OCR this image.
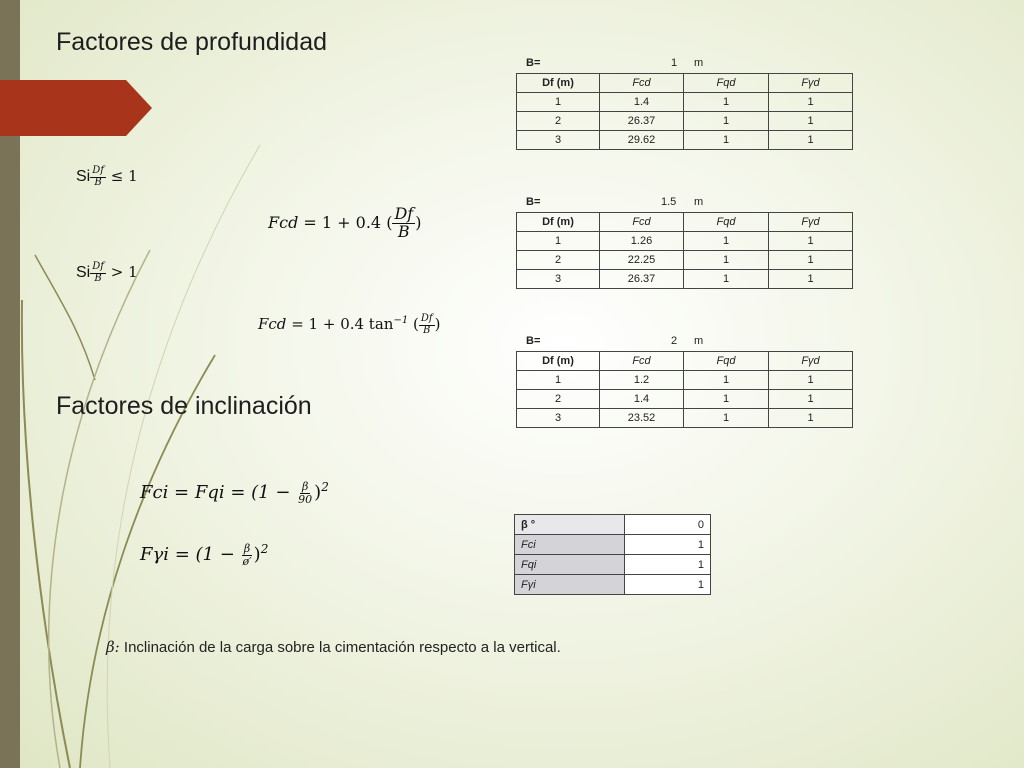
Factores de profundidad
Factores de inclinación
Si $\frac{Df}{B} \le 1$
Fcd = 1 + 0.4 ( $\frac{Df}{B}$ )
Si $\frac{Df}{B} > 1$
Fcd = 1 + 0.4 $\tan^{-1}$ ( $\frac{Df}{B}$ )
Fci = Fqi = $(1 - \frac{\beta}{90} )^2$
$F\gamma i = (1 - \frac{\beta}{ø'} )^2$
B=	1 m
Df (m)	Fcd	Fqd	Fγd
1	1.4	1	1
2	26.37	1	1
3	29.62	1	1
B=	1.5 m
Df (m)	Fcd	Fqd	Fγd
1	1.26	1	1
2	22.25	1	1
3	26.37	1	1
B=	2 m
Df (m)	Fcd	Fqd	Fγd
1	1.2	1	1
2	1.4	1	1
3	23.52	1	1
β °	0
Fci	1
Fqi	1
Fγi	1
β: Inclinación de la carga sobre la cimentación respecto a la vertical.
